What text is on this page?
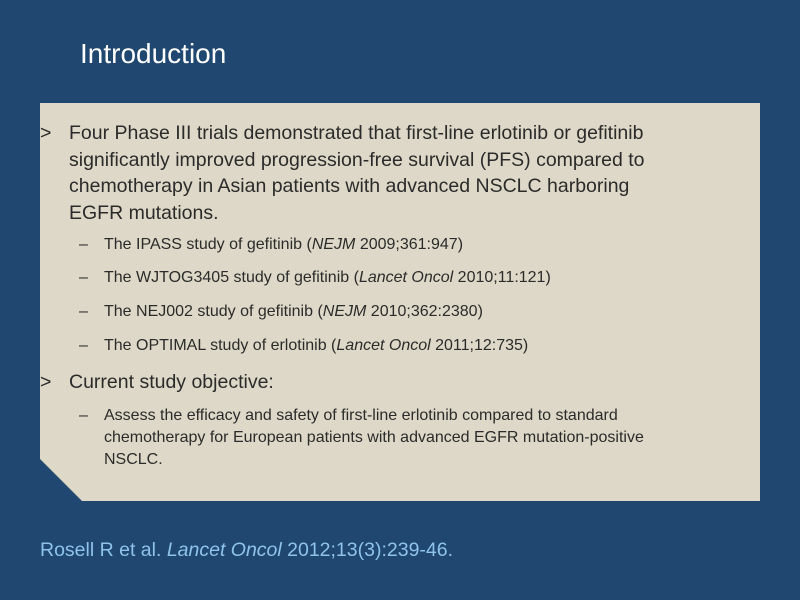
Introduction
> Four Phase III trials demonstrated that first-line erlotinib or gefitinib significantly improved progression-free survival (PFS) compared to chemotherapy in Asian patients with advanced NSCLC harboring EGFR mutations.
– The IPASS study of gefitinib (NEJM 2009;361:947)
– The WJTOG3405 study of gefitinib (Lancet Oncol 2010;11:121)
– The NEJ002 study of gefitinib (NEJM 2010;362:2380)
– The OPTIMAL study of erlotinib (Lancet Oncol 2011;12:735)
> Current study objective:
– Assess the efficacy and safety of first-line erlotinib compared to standard chemotherapy for European patients with advanced EGFR mutation-positive NSCLC.
Rosell R et al. Lancet Oncol 2012;13(3):239-46.
